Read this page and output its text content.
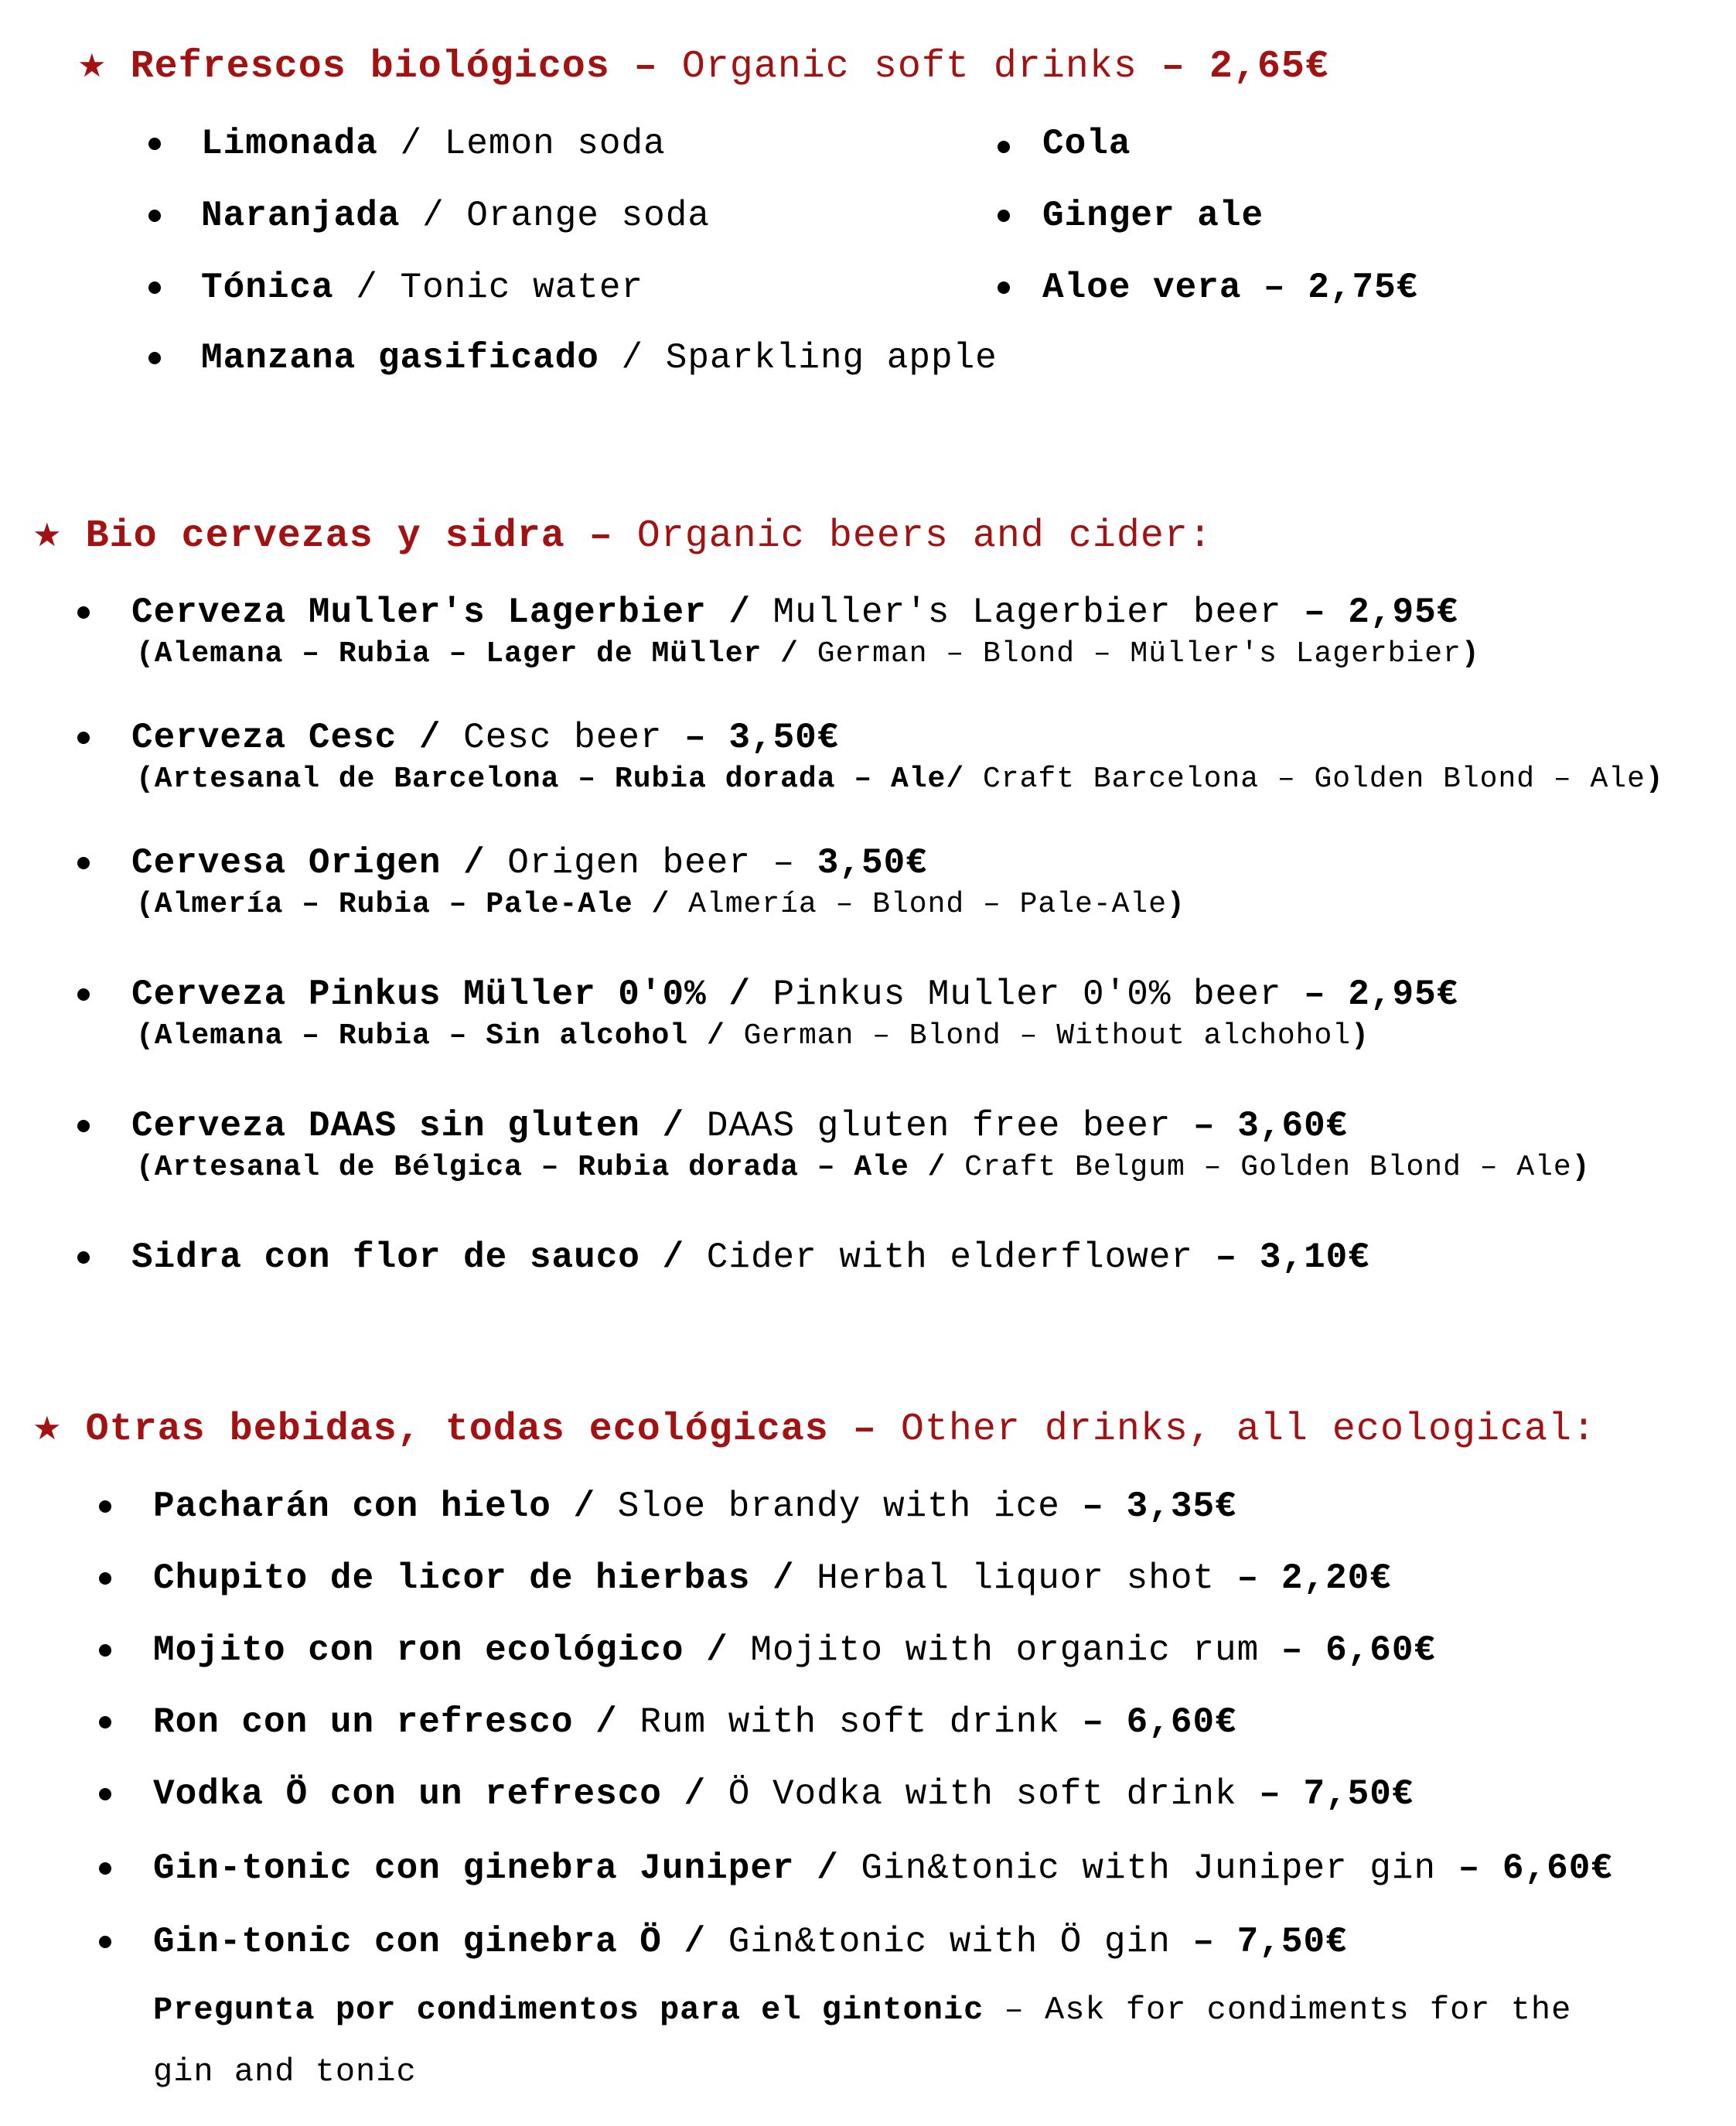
★ Refrescos biológicos – Organic soft drinks – 2,65€
Limonada / Lemon soda
Naranjada / Orange soda
Tónica / Tonic water
Manzana gasificado / Sparkling apple
Cola
Ginger ale
Aloe vera – 2,75€
★ Bio cervezas y sidra – Organic beers and cider:
Cerveza Muller's Lagerbier / Muller's Lagerbier beer – 2,95€
(Alemana – Rubia – Lager de Müller / German – Blond – Müller's Lagerbier)
Cerveza Cesc / Cesc beer – 3,50€
(Artesanal de Barcelona – Rubia dorada – Ale/ Craft Barcelona – Golden Blond – Ale)
Cervesa Origen / Origen beer – 3,50€
(Almería – Rubia – Pale-Ale / Almería – Blond – Pale-Ale)
Cerveza Pinkus Müller 0'0% / Pinkus Muller 0'0% beer – 2,95€
(Alemana – Rubia – Sin alcohol / German – Blond – Without alchohol)
Cerveza DAAS sin gluten / DAAS gluten free beer – 3,60€
(Artesanal de Bélgica – Rubia dorada – Ale / Craft Belgum – Golden Blond – Ale)
Sidra con flor de sauco / Cider with elderflower – 3,10€
★ Otras bebidas, todas ecológicas – Other drinks, all ecological:
Pacharán con hielo / Sloe brandy with ice – 3,35€
Chupito de licor de hierbas / Herbal liquor shot – 2,20€
Mojito con ron ecológico / Mojito with organic rum – 6,60€
Ron con un refresco / Rum with soft drink – 6,60€
Vodka Ö con un refresco / Ö Vodka with soft drink – 7,50€
Gin-tonic con ginebra Juniper / Gin&tonic with Juniper gin – 6,60€
Gin-tonic con ginebra Ö / Gin&tonic with Ö gin – 7,50€
Pregunta por condimentos para el gintonic – Ask for condiments for the
gin and tonic
